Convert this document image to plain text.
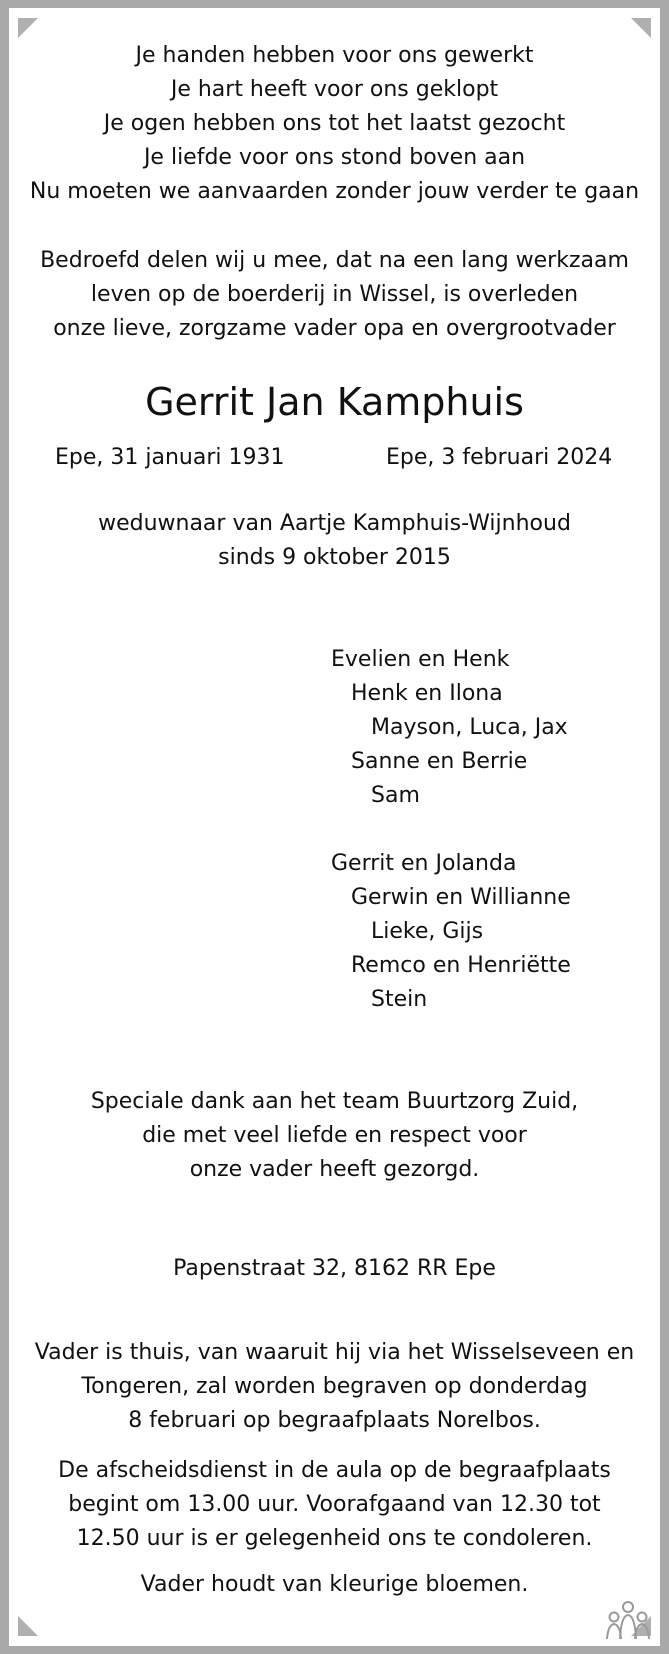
Je handen hebben voor ons gewerkt
Je hart heeft voor ons geklopt
Je ogen hebben ons tot het laatst gezocht
Je liefde voor ons stond boven aan
Nu moeten we aanvaarden zonder jouw verder te gaan
Bedroefd delen wij u mee, dat na een lang werkzaam
leven op de boerderij in Wissel, is overleden
onze lieve, zorgzame vader opa en overgrootvader
Gerrit Jan Kamphuis
Epe, 31 januari 1931	Epe, 3 februari 2024
weduwnaar van Aartje Kamphuis-Wijnhoud
sinds 9 oktober 2015
Evelien en Henk
Henk en Ilona
Mayson, Luca, Jax
Sanne en Berrie
Sam
Gerrit en Jolanda
Gerwin en Willianne
Lieke, Gijs
Remco en Henriëtte
Stein
Speciale dank aan het team Buurtzorg Zuid,
die met veel liefde en respect voor
onze vader heeft gezorgd.
Papenstraat 32, 8162 RR Epe
Vader is thuis, van waaruit hij via het Wisselseveen en
Tongeren, zal worden begraven op donderdag
8 februari op begraafplaats Norelbos.
De afscheidsdienst in de aula op de begraafplaats
begint om 13.00 uur. Voorafgaand van 12.30 tot
12.50 uur is er gelegenheid ons te condoleren.
Vader houdt van kleurige bloemen.
